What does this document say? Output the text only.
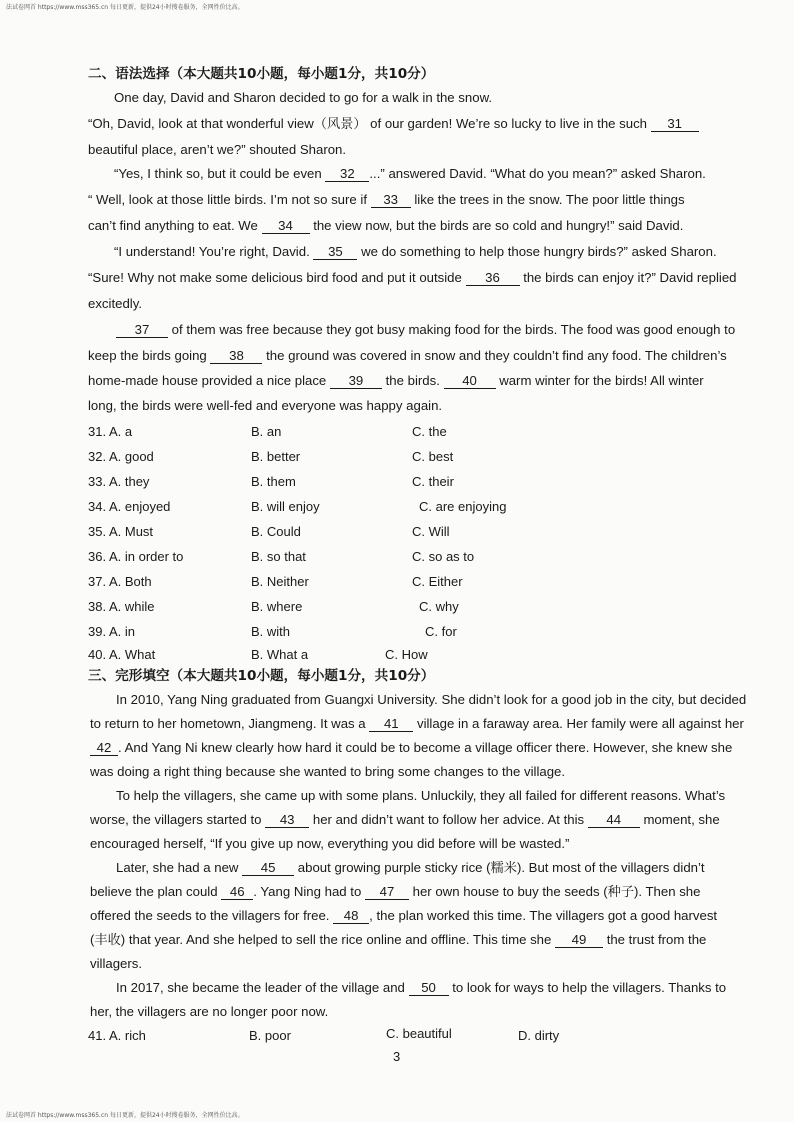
法试卷网首 https://www.mss365.cn 每日更新，提供24小时搜卷服务，全网性价比高。
二、语法选择（本大题共10小题，每小题1分，共10分）
One day, David and Sharon decided to go for a walk in the snow.
“Oh, David, look at that wonderful view（风景） of our garden! We’re so lucky to live in the such 31
beautiful place, aren’t we?” shouted Sharon.
“Yes, I think so, but it could be even 32 ...” answered David. “What do you mean?” asked Sharon.
“ Well, look at those little birds. I’m not so sure if 33 like the trees in the snow. The poor little things
can’t find anything to eat. We 34 the view now, but the birds are so cold and hungry!” said David.
“I understand! You’re right, David. 35 we do something to help those hungry birds?” asked Sharon.
“Sure! Why not make some delicious bird food and put it outside 36 the birds can enjoy it?” David replied
excitedly.
37 of them was free because they got busy making food for the birds. The food was good enough to
keep the birds going 38 the ground was covered in snow and they couldn’t find any food. The children’s
home-made house provided a nice place 39 the birds. 40 warm winter for the birds! All winter
long, the birds were well-fed and everyone was happy again.
31. A. a	B. an	C. the
32. A. good	B. better	C. best
33. A. they	B. them	C. their
34. A. enjoyed	B. will enjoy	C. are enjoying
35. A. Must	B. Could	C. Will
36. A. in order to	B. so that	C. so as to
37. A. Both	B. Neither	C. Either
38. A. while	B. where	C. why
39. A. in	B. with	C. for
40. A. What	B. What a	C. How
三、完形填空（本大题共10小题，每小题1分，共10分）
In 2010, Yang Ning graduated from Guangxi University. She didn’t look for a good job in the city, but decided
to return to her hometown, Jiangmeng. It was a 41 village in a faraway area. Her family were all against her
42 . And Yang Ni knew clearly how hard it could be to become a village officer there. However, she knew she
was doing a right thing because she wanted to bring some changes to the village.
To help the villagers, she came up with some plans. Unluckily, they all failed for different reasons. What’s
worse, the villagers started to 43 her and didn’t want to follow her advice. At this 44 moment, she
encouraged herself, “If you give up now, everything you did before will be wasted.”
Later, she had a new 45 about growing purple sticky rice (糯米). But most of the villagers didn’t
believe the plan could 46 . Yang Ning had to 47 her own house to buy the seeds (种子). Then she
offered the seeds to the villagers for free. 48 , the plan worked this time. The villagers got a good harvest
(丰收) that year. And she helped to sell the rice online and offline. This time she 49 the trust from the
villagers.
In 2017, she became the leader of the village and 50 to look for ways to help the villagers. Thanks to
her, the villagers are no longer poor now.
41. A. rich	B. poor	C. beautiful	D. dirty
3
法试卷网首 https://www.mss365.cn 每日更新，提供24小时搜卷服务，全网性价比高。
